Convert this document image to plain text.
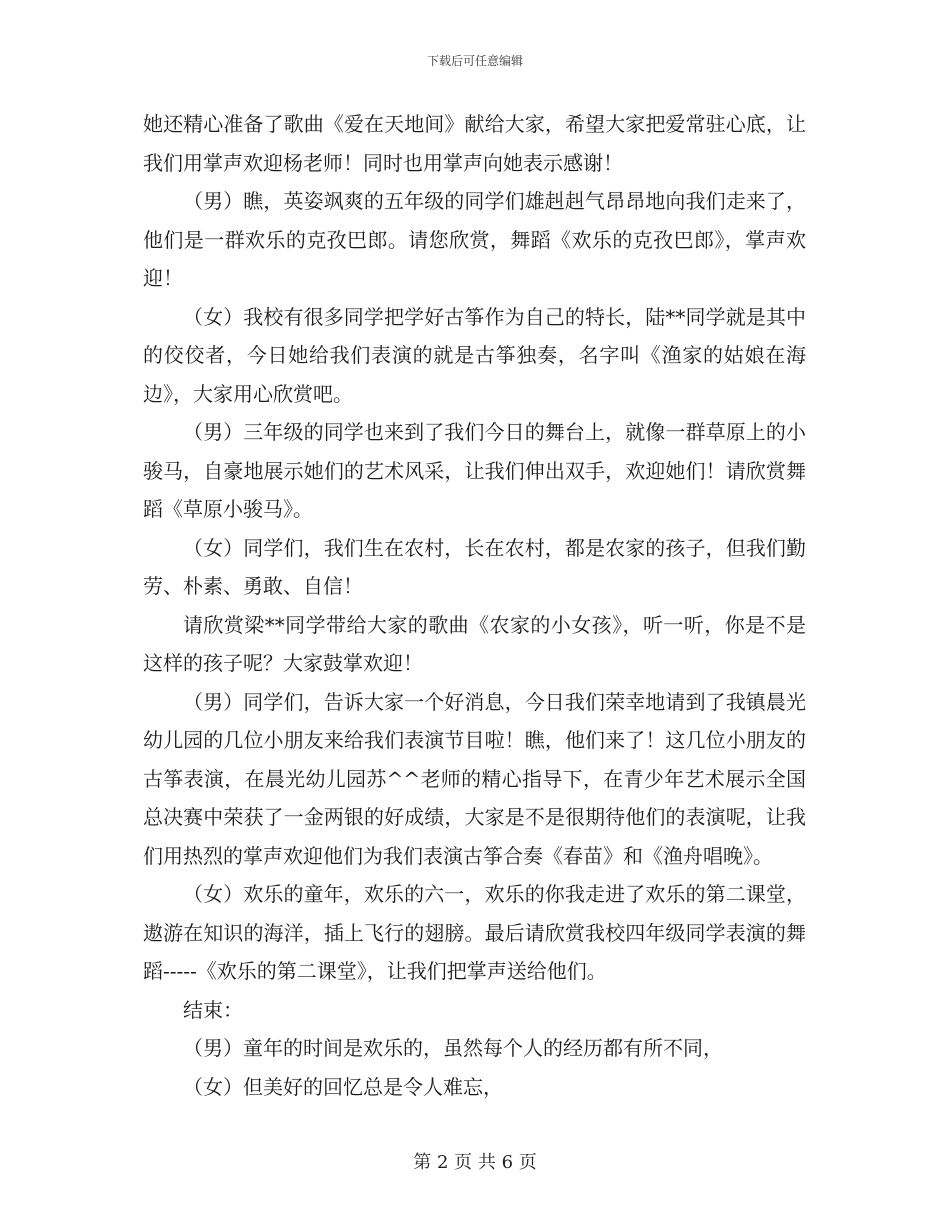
下载后可任意编辑

她还精心准备了歌曲《爱在天地间》献给大家，希望大家把爱常驻心底，让我们用掌声欢迎杨老师！同时也用掌声向她表示感谢！

（男）瞧，英姿飒爽的五年级的同学们雄赳赳气昂昂地向我们走来了，他们是一群欢乐的克孜巴郎。请您欣赏，舞蹈《欢乐的克孜巴郎》，掌声欢迎！

（女）我校有很多同学把学好古筝作为自己的特长，陆**同学就是其中的佼佼者，今日她给我们表演的就是古筝独奏，名字叫《渔家的姑娘在海边》，大家用心欣赏吧。

（男）三年级的同学也来到了我们今日的舞台上，就像一群草原上的小骏马，自豪地展示她们的艺术风采，让我们伸出双手，欢迎她们！请欣赏舞蹈《草原小骏马》。

（女）同学们，我们生在农村，长在农村，都是农家的孩子，但我们勤劳、朴素、勇敢、自信！

请欣赏梁**同学带给大家的歌曲《农家的小女孩》，听一听，你是不是这样的孩子呢？大家鼓掌欢迎！

（男）同学们，告诉大家一个好消息，今日我们荣幸地请到了我镇晨光幼儿园的几位小朋友来给我们表演节目啦！瞧，他们来了！这几位小朋友的古筝表演，在晨光幼儿园苏^^老师的精心指导下，在青少年艺术展示全国总决赛中荣获了一金两银的好成绩，大家是不是很期待他们的表演呢，让我们用热烈的掌声欢迎他们为我们表演古筝合奏《春苗》和《渔舟唱晚》。

（女）欢乐的童年，欢乐的六一，欢乐的你我走进了欢乐的第二课堂，遨游在知识的海洋，插上飞行的翅膀。最后请欣赏我校四年级同学表演的舞蹈-----《欢乐的第二课堂》，让我们把掌声送给他们。

结束：

（男）童年的时间是欢乐的，虽然每个人的经历都有所不同，

（女）但美好的回忆总是令人难忘，

第 2 页 共 6 页
